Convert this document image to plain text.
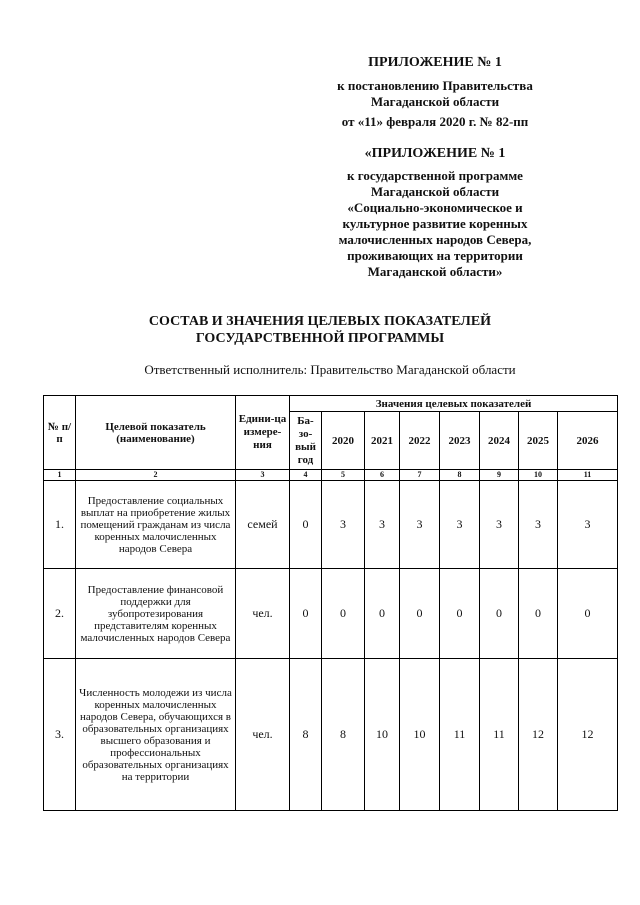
ПРИЛОЖЕНИЕ № 1
к постановлению Правительства
Магаданской области
от «11» февраля 2020 г. № 82-пп
«ПРИЛОЖЕНИЕ № 1
к государственной программе
Магаданской области
«Социально-экономическое и
культурное развитие коренных
малочисленных народов Севера,
проживающих на территории
Магаданской области»
СОСТАВ И ЗНАЧЕНИЯ ЦЕЛЕВЫХ ПОКАЗАТЕЛЕЙ
ГОСУДАРСТВЕННОЙ ПРОГРАММЫ
Ответственный исполнитель: Правительство Магаданской области
№ п/п	Целевой показатель (наименование)	Едини-ца измере-ния	Значения целевых показателей							
			Ба-зо-вый год	2020	2021	2022	2023	2024	2025	2026
1	2	3	4	5	6	7	8	9	10	11
1.	Предоставление социальных выплат на приобретение жилых помещений гражданам из числа коренных малочисленных народов Севера	семей	0	3	3	3	3	3	3	3
2.	Предоставление финансовой поддержки для зубопротезирования представителям коренных малочисленных народов Севера	чел.	0	0	0	0	0	0	0	0
3.	Численность молодежи из числа коренных малочисленных народов Севера, обучающихся в образовательных организациях высшего образования и профессиональных образовательных организациях на территории	чел.	8	8	10	10	11	11	12	12
